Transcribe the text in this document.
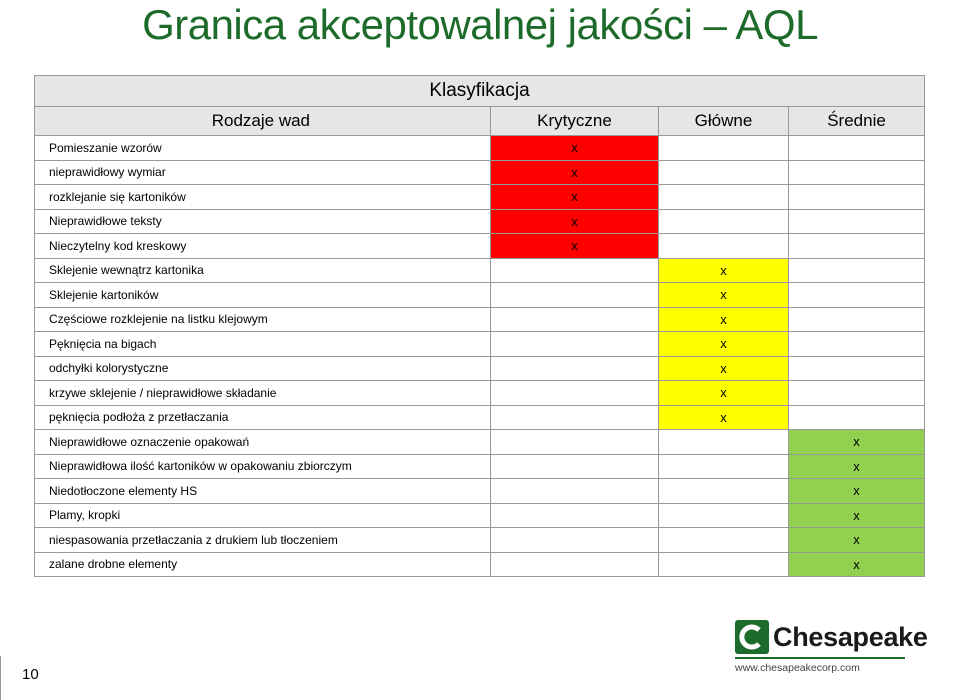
Granica akceptowalnej jakości – AQL
Klasyfikacja			
Rodzaje wad	Krytyczne	Główne	Średnie
Pomieszanie wzorów	x		
nieprawidłowy wymiar	x		
rozklejanie się kartoników	x		
Nieprawidłowe teksty	x		
Nieczytelny kod kreskowy	x		
Sklejenie wewnątrz kartonika		x	
Sklejenie kartoników		x	
Częściowe rozklejenie na listku klejowym		x	
Pęknięcia na bigach		x	
odchyłki kolorystyczne		x	
krzywe sklejenie / nieprawidłowe składanie		x	
pęknięcia podłoża z przetłaczania		x	
Nieprawidłowe oznaczenie opakowań			x
Nieprawidłowa ilość kartoników w opakowaniu zbiorczym			x
Niedotłoczone elementy HS			x
Plamy, kropki			x
niespasowania przetłaczania z drukiem lub tłoczeniem			x
zalane drobne elementy			x
10
Chesapeake
www.chesapeakecorp.com
